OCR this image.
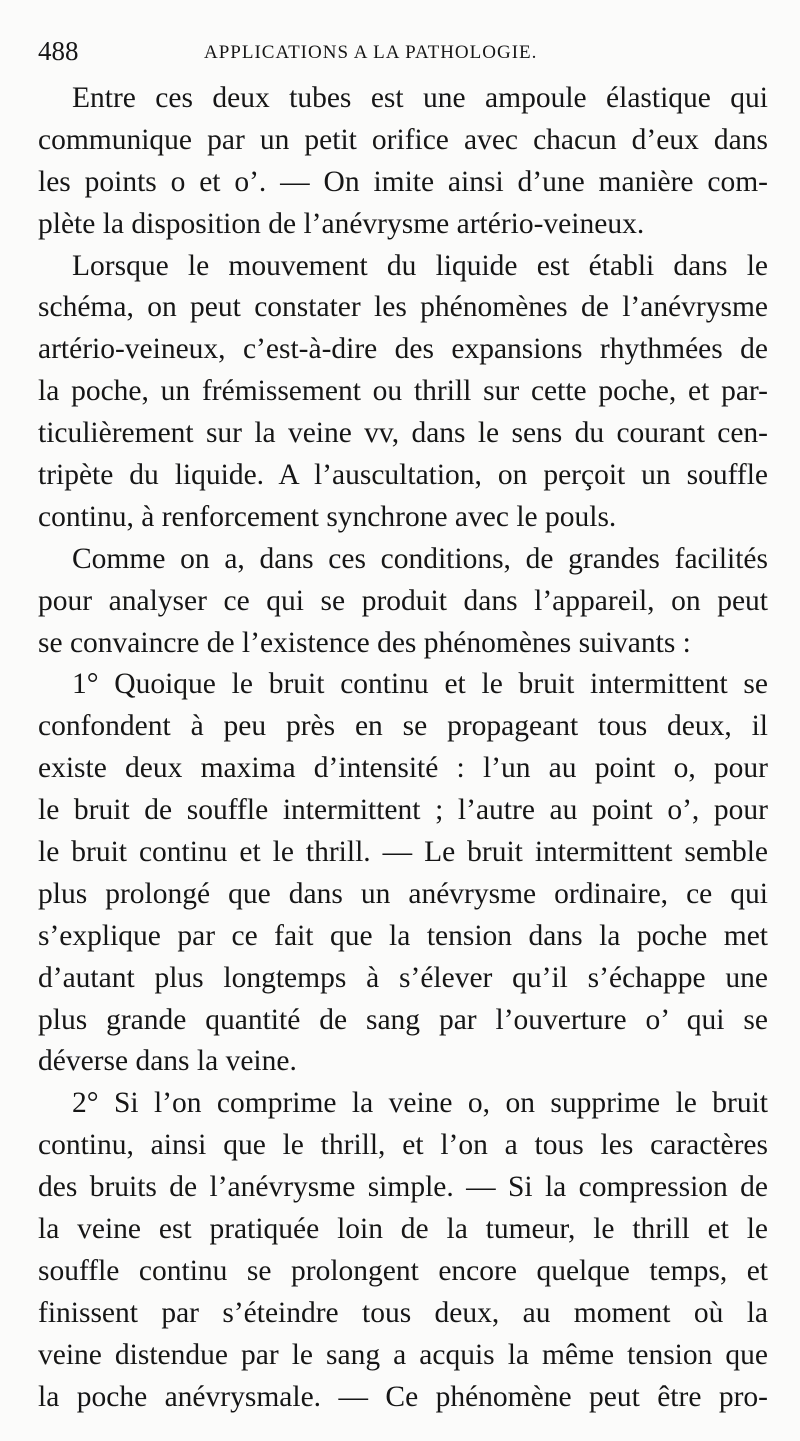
488	APPLICATIONS A LA PATHOLOGIE.
Entre ces deux tubes est une ampoule élastique qui
communique par un petit orifice avec chacun d’eux dans
les points o et o’. — On imite ainsi d’une manière com-
plète la disposition de l’anévrysme artério-veineux.
Lorsque le mouvement du liquide est établi dans le
schéma, on peut constater les phénomènes de l’anévrysme
artério-veineux, c’est-à-dire des expansions rhythmées de
la poche, un frémissement ou thrill sur cette poche, et par-
ticulièrement sur la veine vv, dans le sens du courant cen-
tripète du liquide. A l’auscultation, on perçoit un souffle
continu, à renforcement synchrone avec le pouls.
Comme on a, dans ces conditions, de grandes facilités
pour analyser ce qui se produit dans l’appareil, on peut
se convaincre de l’existence des phénomènes suivants :
1° Quoique le bruit continu et le bruit intermittent se
confondent à peu près en se propageant tous deux, il
existe deux maxima d’intensité : l’un au point o, pour
le bruit de souffle intermittent ; l’autre au point o’, pour
le bruit continu et le thrill. — Le bruit intermittent semble
plus prolongé que dans un anévrysme ordinaire, ce qui
s’explique par ce fait que la tension dans la poche met
d’autant plus longtemps à s’élever qu’il s’échappe une
plus grande quantité de sang par l’ouverture o’ qui se
déverse dans la veine.
2° Si l’on comprime la veine o, on supprime le bruit
continu, ainsi que le thrill, et l’on a tous les caractères
des bruits de l’anévrysme simple. — Si la compression de
la veine est pratiquée loin de la tumeur, le thrill et le
souffle continu se prolongent encore quelque temps, et
finissent par s’éteindre tous deux, au moment où la
veine distendue par le sang a acquis la même tension que
la poche anévrysmale. — Ce phénomène peut être pro-
